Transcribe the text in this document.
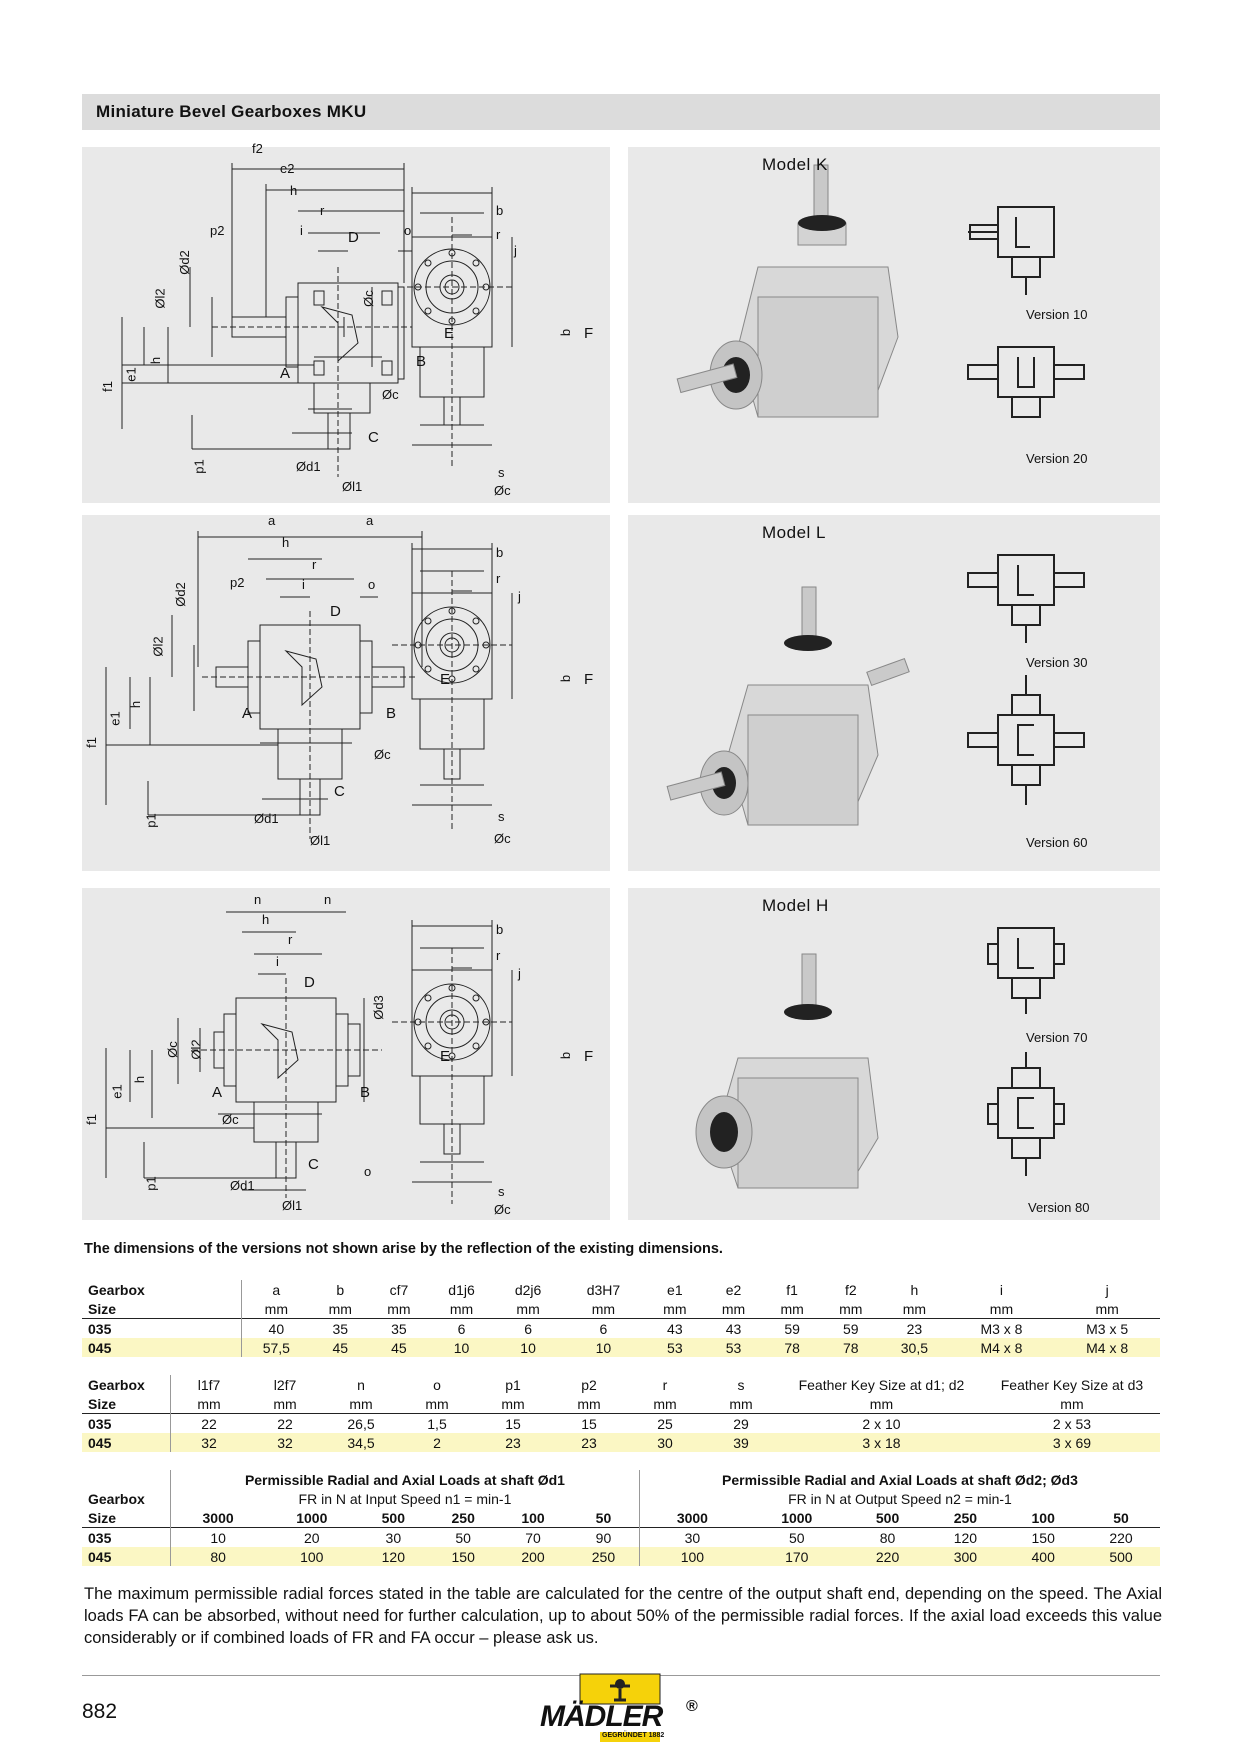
Miniature Bevel Gearboxes MKU
f2
e2
h
r
i	D	o
p2
Ød2
Øl2	Øc
f1
e1
h
A
B
Øc
C
p1	Ød1
Øl1
b
r
j
E	F
b
s
Øc
Model K
Version 10
Version 20
a	a
h
r
p2	i
D
o
Ød2
Øl2
f1
e1
h
A	B
Øc
C
p1	Ød1
Øl1
b
r
j
E	F
b
s
Øc
Model L
Version 30
Version 60
n	n
h
r
i
D
Ød3
Øc Øl2
f1
e1
h
A	B
Øc
C	o
p1	Ød1
Øl1
b
r
j
E	F
b
s
Øc
Model H
Version 70
Version 80
The dimensions of the versions not shown arise by the reflection of the existing dimensions.
Gearbox	a	b	cf7	d1j6	d2j6	d3H7	e1	e2	f1	f2	h	i	j
Size	mm	mm	mm	mm	mm	mm	mm	mm	mm	mm	mm	mm	mm
035	40	35	35	6	6	6	43	43	59	59	23	M3 x 8	M3 x 5
045	57,5	45	45	10	10	10	53	53	78	78	30,5	M4 x 8	M4 x 8
Gearbox	l1f7	l2f7	n	o	p1	p2	r	s	Feather Key Size at d1; d2	Feather Key Size at d3
Size	mm	mm	mm	mm	mm	mm	mm	mm	mm	mm
035	22	22	26,5	1,5	15	15	25	29	2 x 10	2 x 53
045	32	32	34,5	2	23	23	30	39	3 x 18	3 x 69
	Permissible Radial and Axial Loads at shaft Ød1						Permissible Radial and Axial Loads at shaft Ød2; Ød3					
Gearbox	FR in N at Input Speed n1 = min-1						FR in N at Output Speed n2 = min-1					
Size	3000	1000	500	250	100	50	3000	1000	500	250	100	50
035	10	20	30	50	70	90	30	50	80	120	150	220
045	80	100	120	150	200	250	100	170	220	300	400	500
The maximum permissible radial forces stated in the table are calculated for the centre of the output shaft end, depending on the speed. The Axial loads FA can be absorbed, without need for further calculation, up to about 50% of the permissible radial forces. If the axial load exceeds this value considerably or if combined loads of FR and FA occur – please ask us.
882	MÄDLER ®
GEGRÜNDET 1882
